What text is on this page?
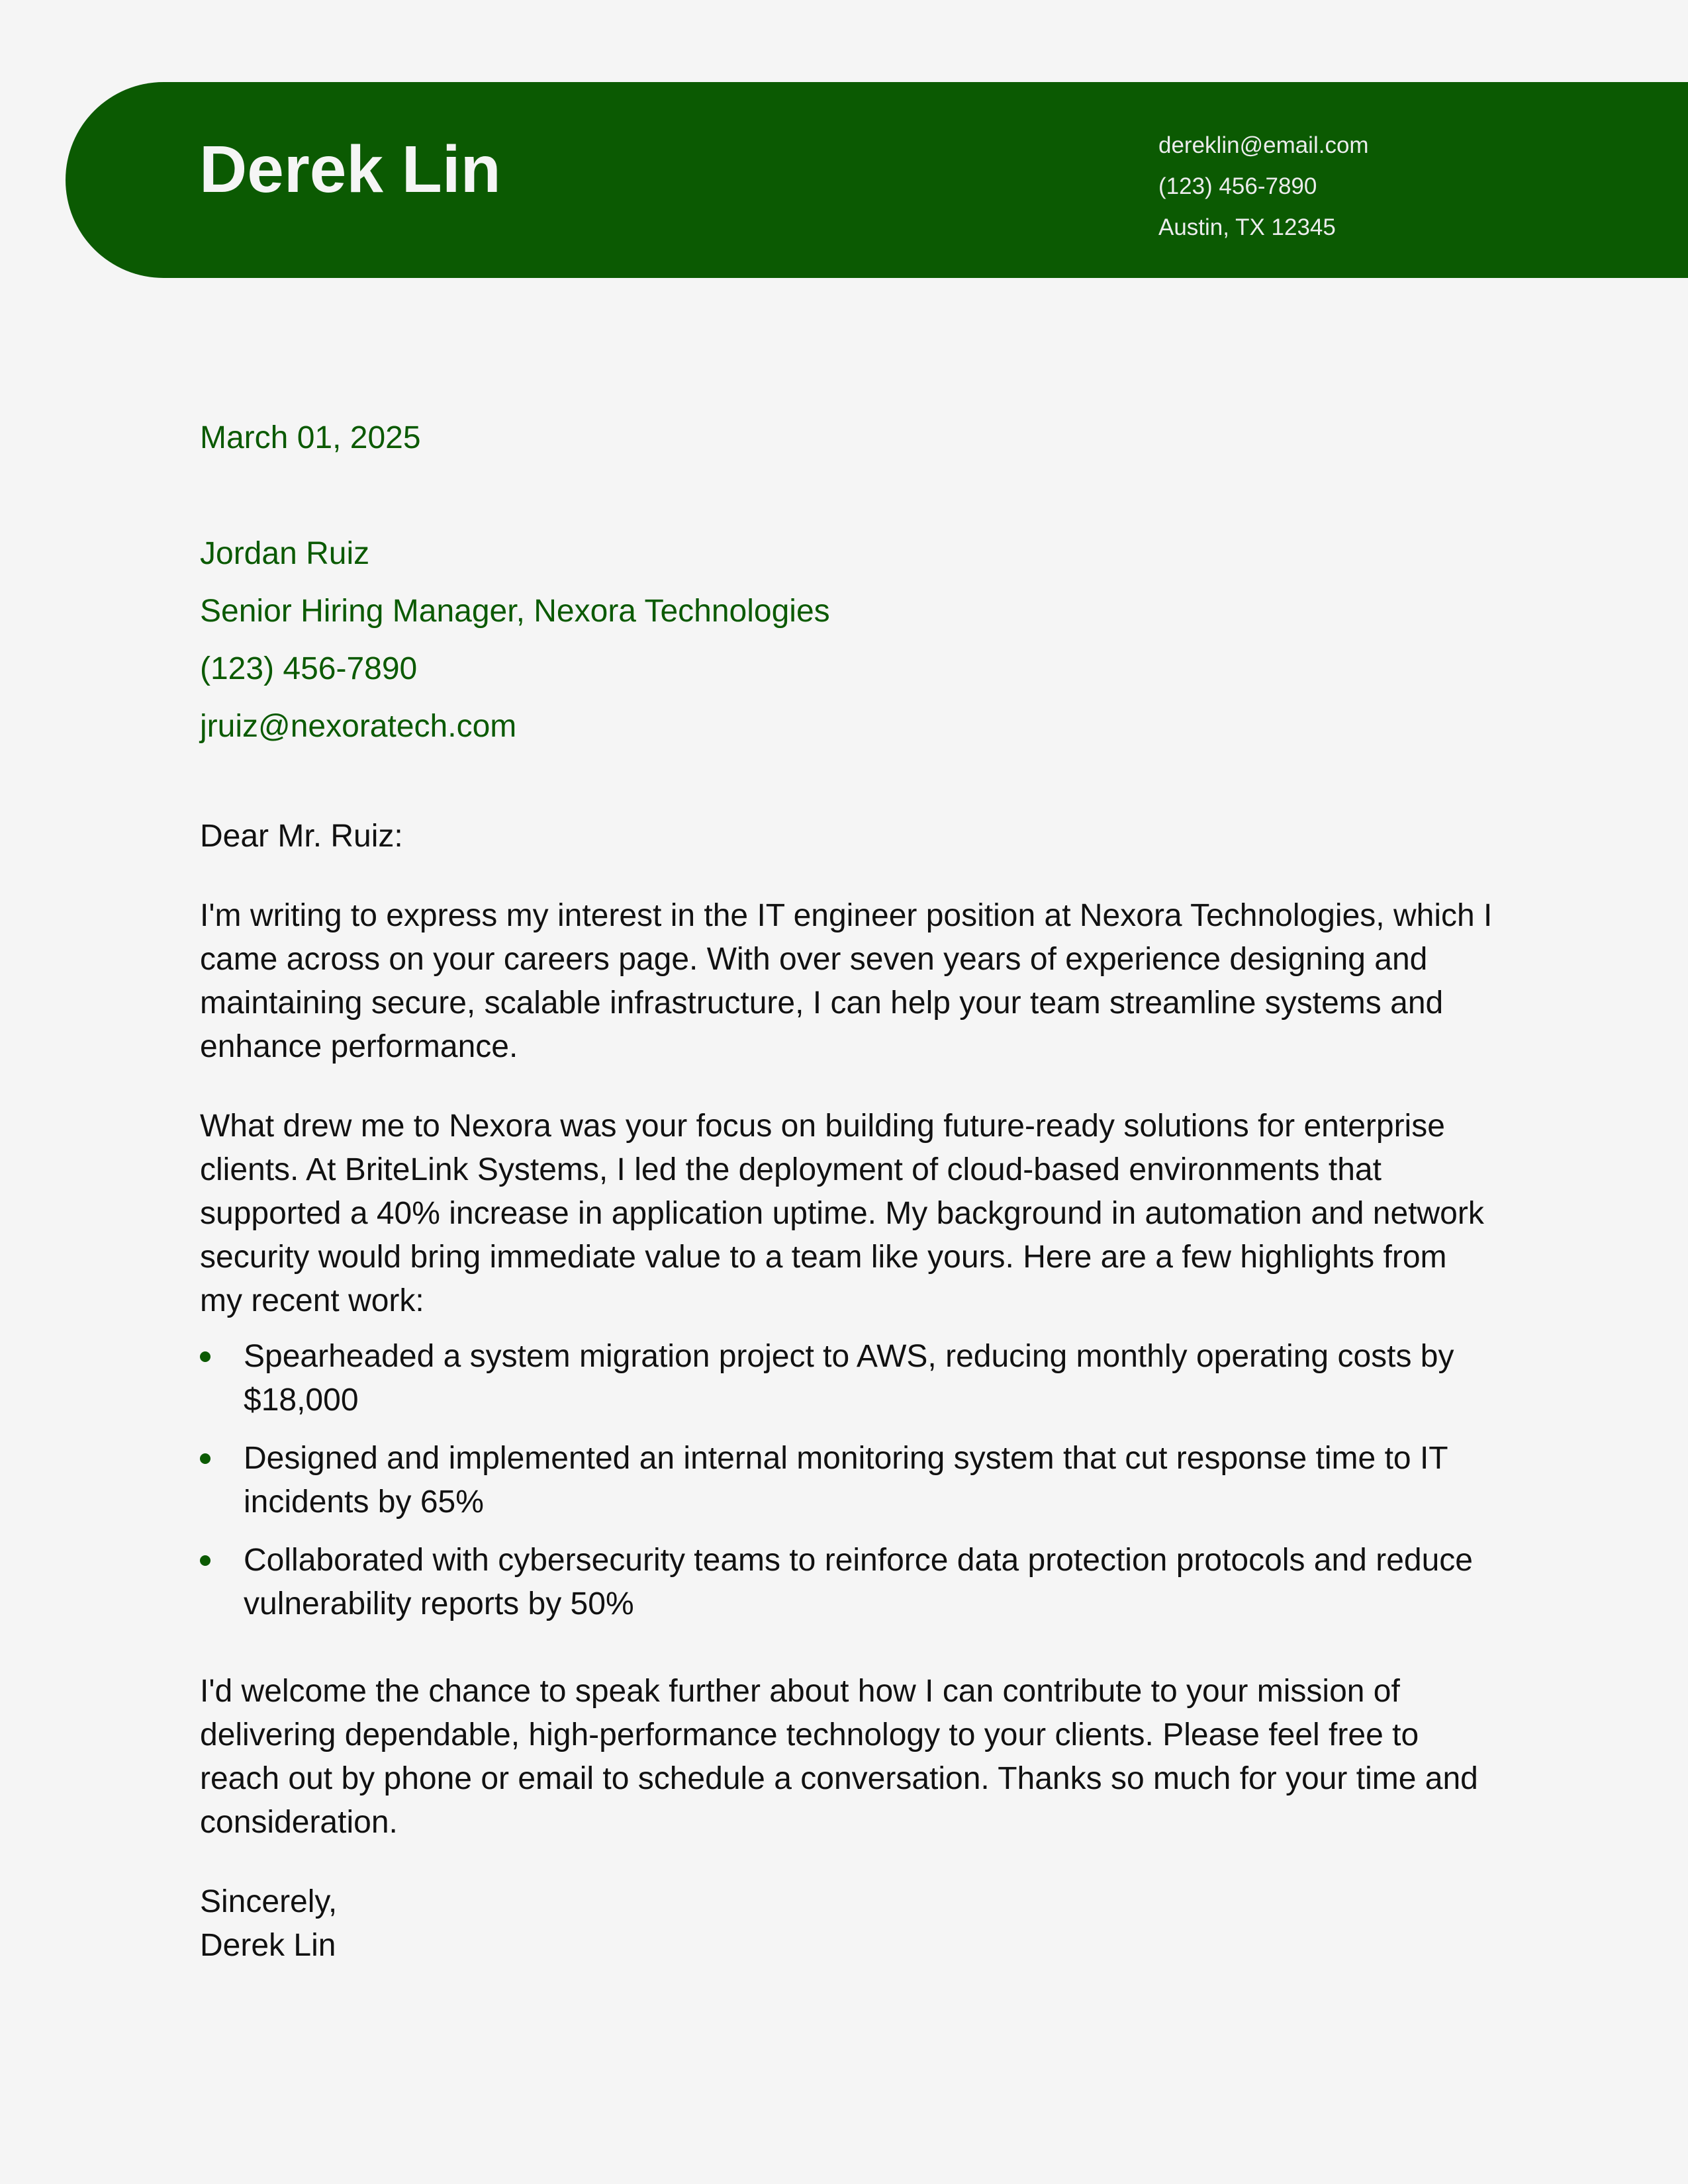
Derek Lin	dereklin@email.com
(123) 456-7890
Austin, TX 12345
March 01, 2025
Jordan Ruiz
Senior Hiring Manager, Nexora Technologies
(123) 456-7890
jruiz@nexoratech.com

Dear Mr. Ruiz:

I'm writing to express my interest in the IT engineer position at Nexora Technologies, which I came across on your careers page. With over seven years of experience designing and maintaining secure, scalable infrastructure, I can help your team streamline systems and enhance performance.

What drew me to Nexora was your focus on building future-ready solutions for enterprise clients. At BriteLink Systems, I led the deployment of cloud-based environments that supported a 40% increase in application uptime. My background in automation and network security would bring immediate value to a team like yours. Here are a few highlights from my recent work:

Spearheaded a system migration project to AWS, reducing monthly operating costs by $18,000
Designed and implemented an internal monitoring system that cut response time to IT incidents by 65%
Collaborated with cybersecurity teams to reinforce data protection protocols and reduce vulnerability reports by 50%

I'd welcome the chance to speak further about how I can contribute to your mission of delivering dependable, high-performance technology to your clients. Please feel free to reach out by phone or email to schedule a conversation. Thanks so much for your time and consideration.

Sincerely,
Derek Lin
